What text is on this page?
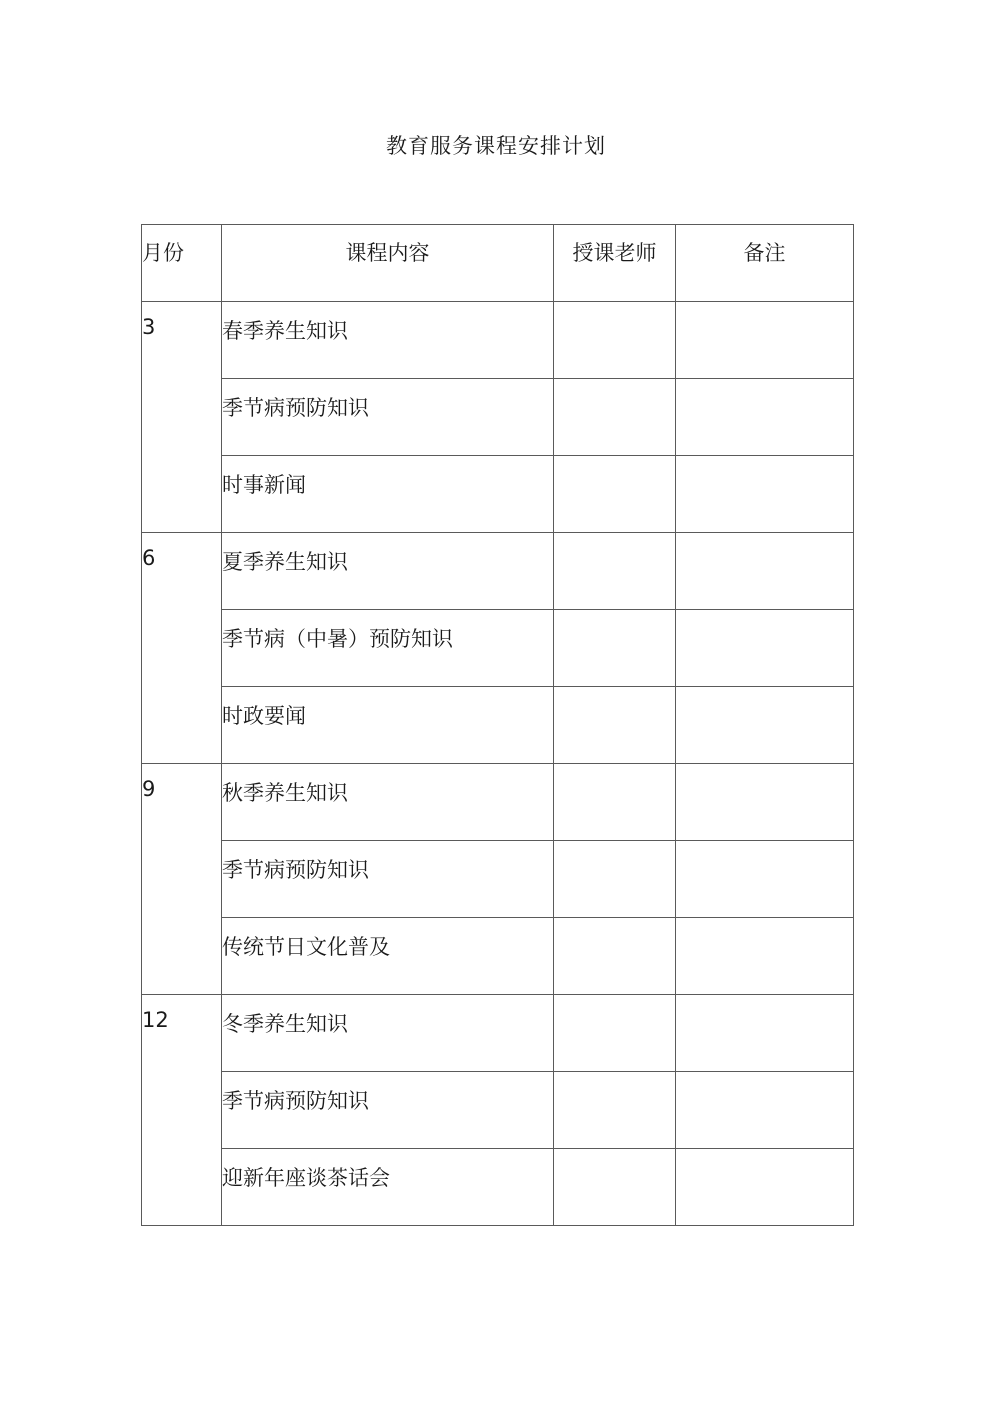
教育服务课程安排计划
月份	课程内容	授课老师	备注
3	春季养生知识		
	季节病预防知识		
	时事新闻		
6	夏季养生知识		
	季节病（中暑）预防知识		
	时政要闻		
9	秋季养生知识		
	季节病预防知识		
	传统节日文化普及		
12	冬季养生知识		
	季节病预防知识		
	迎新年座谈茶话会		
